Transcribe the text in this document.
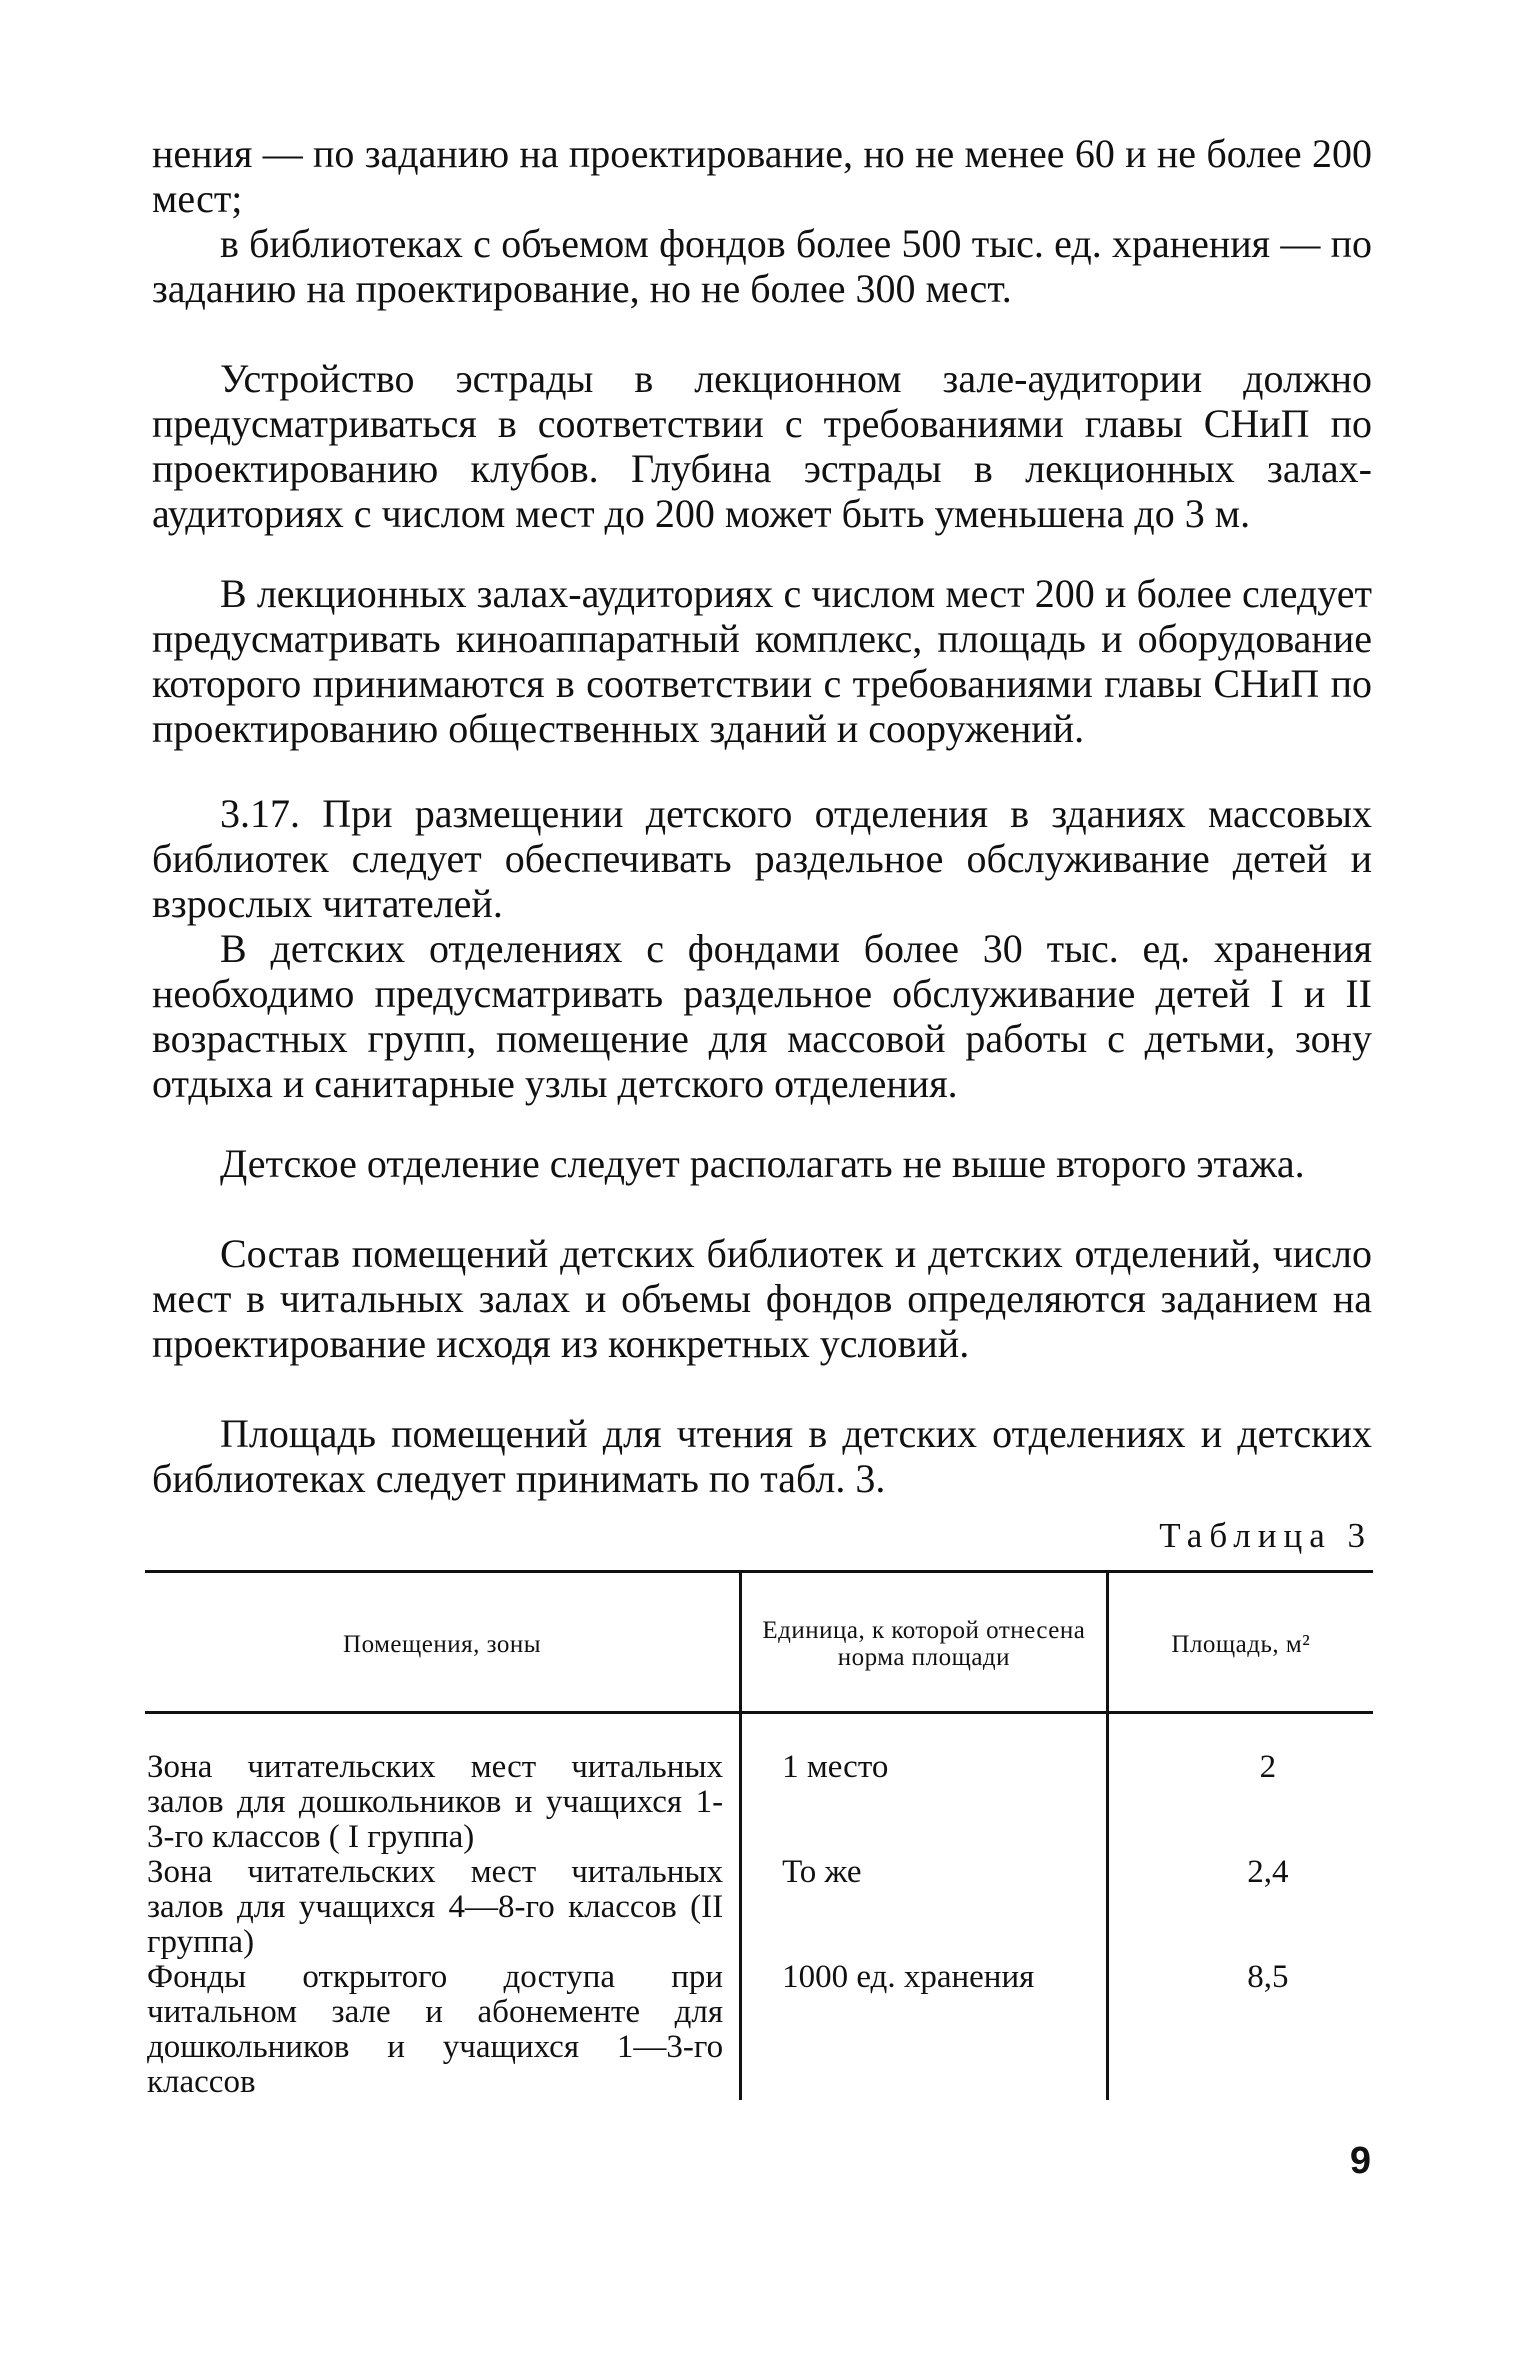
нения — по заданию на проектирование, но не менее 60 и не более 200 мест;

в библиотеках с объемом фондов более 500 тыс. ед. хранения — по заданию на проектирование, но не более 300 мест.

Устройство эстрады в лекционном зале-аудитории должно предусматриваться в соответствии с требованиями главы СНиП по проектированию клубов. Глубина эстрады в лекционных залах-аудиториях с числом мест до 200 может быть уменьшена до 3 м.

В лекционных залах-аудиториях с числом мест 200 и более следует предусматривать киноаппаратный комплекс, площадь и оборудование которого принимаются в соответствии с требованиями главы СНиП по проектированию общественных зданий и сооружений.

3.17. При размещении детского отделения в зданиях массовых библиотек следует обеспечивать раздельное обслуживание детей и взрослых читателей.

В детских отделениях с фондами более 30 тыс. ед. хранения необходимо предусматривать раздельное обслуживание детей I и II возрастных групп, помещение для массовой работы с детьми, зону отдыха и санитарные узлы детского отделения.

Детское отделение следует располагать не выше второго этажа.

Состав помещений детских библиотек и детских отделений, число мест в читальных залах и объемы фондов определяются заданием на проектирование исходя из конкретных условий.

Площадь помещений для чтения в детских отделениях и детских библиотеках следует принимать по табл. 3.

Таблица 3
Помещения, зоны	Единица, к которой отнесена норма площади	Площадь, м²
Зона читательских мест читальных залов для дошкольников и учащихся 1-3-го классов ( I группа)	1 место	2
Зона читательских мест читальных залов для учащихся 4—8-го классов (II группа)	То же	2,4
Фонды открытого доступа при читальном зале и абонементе для дошкольников и учащихся 1—3-го классов	1000 ед. хранения	8,5
9
